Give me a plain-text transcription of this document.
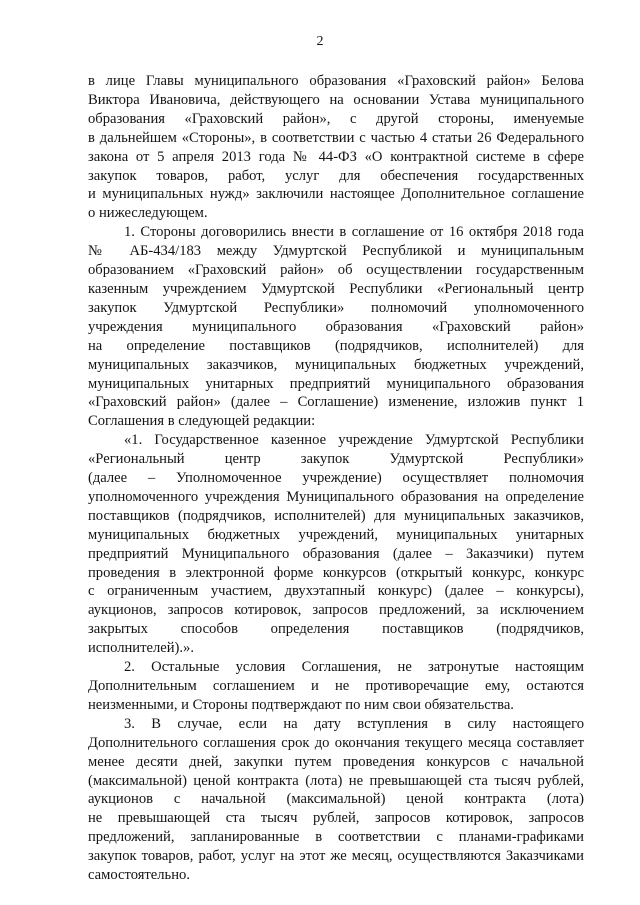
2
в лице Главы муниципального образования «Граховский район» Белова
Виктора Ивановича, действующего на основании Устава муниципального
образования «Граховский район», с другой стороны, именуемые
в дальнейшем «Стороны», в соответствии с частью 4 статьи 26 Федерального
закона от 5 апреля 2013 года № 44-ФЗ «О контрактной системе в сфере
закупок товаров, работ, услуг для обеспечения государственных
и муниципальных нужд» заключили настоящее Дополнительное соглашение
о нижеследующем.
1. Стороны договорились внести в соглашение от 16 октября 2018 года
№ АБ-434/183 между Удмуртской Республикой и муниципальным
образованием «Граховский район» об осуществлении государственным
казенным учреждением Удмуртской Республики «Региональный центр
закупок Удмуртской Республики» полномочий уполномоченного
учреждения муниципального образования «Граховский район»
на определение поставщиков (подрядчиков, исполнителей) для
муниципальных заказчиков, муниципальных бюджетных учреждений,
муниципальных унитарных предприятий муниципального образования
«Граховский район» (далее – Соглашение) изменение, изложив пункт 1
Соглашения в следующей редакции:
«1. Государственное казенное учреждение Удмуртской Республики
«Региональный центр закупок Удмуртской Республики»
(далее – Уполномоченное учреждение) осуществляет полномочия
уполномоченного учреждения Муниципального образования на определение
поставщиков (подрядчиков, исполнителей) для муниципальных заказчиков,
муниципальных бюджетных учреждений, муниципальных унитарных
предприятий Муниципального образования (далее – Заказчики) путем
проведения в электронной форме конкурсов (открытый конкурс, конкурс
с ограниченным участием, двухэтапный конкурс) (далее – конкурсы),
аукционов, запросов котировок, запросов предложений, за исключением
закрытых способов определения поставщиков (подрядчиков,
исполнителей).».
2. Остальные условия Соглашения, не затронутые настоящим
Дополнительным соглашением и не противоречащие ему, остаются
неизменными, и Стороны подтверждают по ним свои обязательства.
3. В случае, если на дату вступления в силу настоящего
Дополнительного соглашения срок до окончания текущего месяца составляет
менее десяти дней, закупки путем проведения конкурсов с начальной
(максимальной) ценой контракта (лота) не превышающей ста тысяч рублей,
аукционов с начальной (максимальной) ценой контракта (лота)
не превышающей ста тысяч рублей, запросов котировок, запросов
предложений, запланированные в соответствии с планами-графиками
закупок товаров, работ, услуг на этот же месяц, осуществляются Заказчиками
самостоятельно.
